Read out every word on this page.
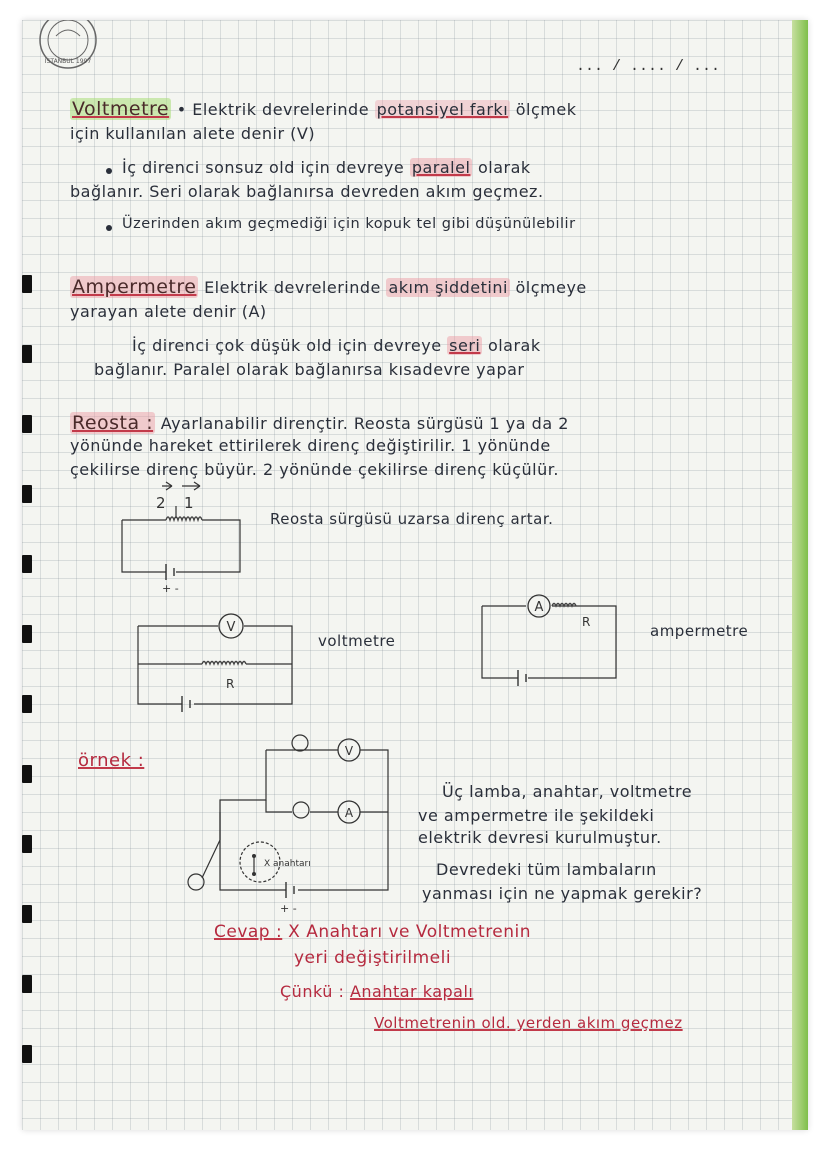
İSTANBUL 1997	... / .... / ...
Voltmetre • Elektrik devrelerinde potansiyel farkı ölçmek
için kullanılan alete denir (V)
İç direnci sonsuz old için devreye paralel olarak
bağlanır. Seri olarak bağlanırsa devreden akım geçmez.
Üzerinden akım geçmediği için kopuk tel gibi düşünülebilir
Ampermetre Elektrik devrelerinde akım şiddetini ölçmeye
yarayan alete denir (A)
İç direnci çok düşük old için devreye seri olarak
bağlanır. Paralel olarak bağlanırsa kısadevre yapar
Reosta : Ayarlanabilir dirençtir. Reosta sürgüsü 1 ya da 2
yönünde hareket ettirilerek direnç değiştirilir. 1 yönünde
çekilirse direnç büyür. 2 yönünde çekilirse direnç küçülür.
2 1
+ -
Reosta sürgüsü uzarsa direnç artar.
V
R
voltmetre
A
R	ampermetre
örnek :	V
A
X anahtarı
+ -
Üç lamba, anahtar, voltmetre
ve ampermetre ile şekildeki
elektrik devresi kurulmuştur.
Devredeki tüm lambaların
yanması için ne yapmak gerekir?
Cevap : X Anahtarı ve Voltmetrenin
yeri değiştirilmeli
Çünkü : Anahtar kapalı
Voltmetrenin old. yerden akım geçmez
